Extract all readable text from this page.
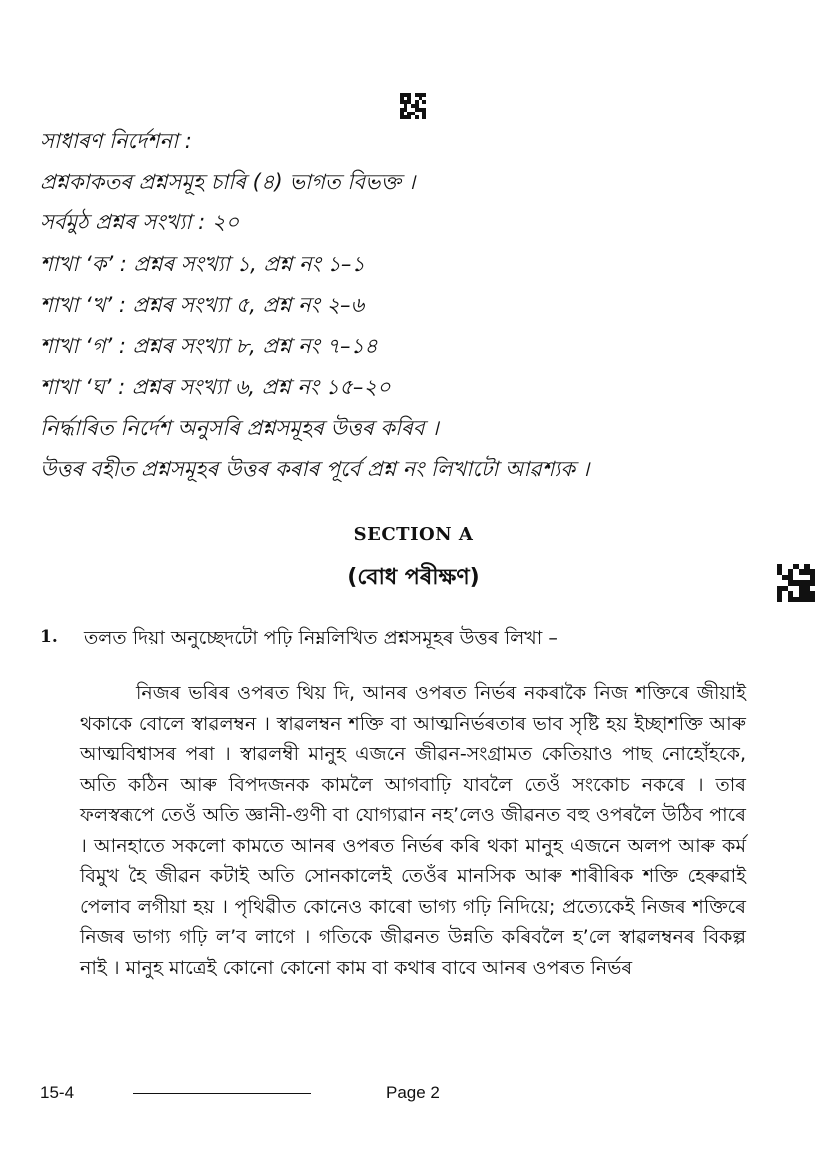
সাধাৰণ নিৰ্দেশনা :
প্ৰশ্নকাকতৰ প্ৰশ্নসমূহ চাৰি (৪) ভাগত বিভক্ত ।
সৰ্বমুঠ প্ৰশ্নৰ সংখ্যা : ২০
শাখা ‘ক’ : প্ৰশ্নৰ সংখ্যা ১, প্ৰশ্ন নং ১–১
শাখা ‘খ’ : প্ৰশ্নৰ সংখ্যা ৫, প্ৰশ্ন নং ২–৬
শাখা ‘গ’ : প্ৰশ্নৰ সংখ্যা ৮, প্ৰশ্ন নং ৭–১৪
শাখা ‘ঘ’ : প্ৰশ্নৰ সংখ্যা ৬, প্ৰশ্ন নং ১৫–২০
নিৰ্দ্ধাৰিত নিৰ্দেশ অনুসৰি প্ৰশ্নসমূহৰ উত্তৰ কৰিব ।
উত্তৰ বহীত প্ৰশ্নসমূহৰ উত্তৰ কৰাৰ পূৰ্বে প্ৰশ্ন নং লিখাটো আৱশ্যক ।
SECTION A
(বোধ পৰীক্ষণ)
1. তলত দিয়া অনুচ্ছেদটো পঢ়ি নিম্নলিখিত প্ৰশ্নসমূহৰ উত্তৰ লিখা –

নিজৰ ভৰিৰ ওপৰত থিয় দি, আনৰ ওপৰত নিৰ্ভৰ নকৰাকৈ নিজ শক্তিৰে জীয়াই থকাকে বোলে স্বাৱলম্বন । স্বাৱলম্বন শক্তি বা আত্মনিৰ্ভৰতাৰ ভাব সৃষ্টি হয় ইচ্ছাশক্তি আৰু আত্মবিশ্বাসৰ পৰা । স্বাৱলম্বী মানুহ এজনে জীৱন-সংগ্ৰামত কেতিয়াও পাছ নোহোঁহকে, অতি কঠিন আৰু বিপদজনক কামলৈ আগবাঢ়ি যাবলৈ তেওঁ সংকোচ নকৰে । তাৰ ফলস্বৰূপে তেওঁ অতি জ্ঞানী-গুণী বা যোগ্যৱান নহ’লেও জীৱনত বহু ওপৰলৈ উঠিব পাৰে । আনহাতে সকলো কামতে আনৰ ওপৰত নিৰ্ভৰ কৰি থকা মানুহ এজনে অলপ আৰু কৰ্ম বিমুখ হৈ জীৱন কটাই অতি সোনকালেই তেওঁৰ মানসিক আৰু শাৰীৰিক শক্তি হেৰুৱাই পেলাব লগীয়া হয় । পৃথিৱীত কোনেও কাৰো ভাগ্য গঢ়ি নিদিয়ে; প্ৰত্যেকেই নিজৰ শক্তিৰে নিজৰ ভাগ্য গঢ়ি ল’ব লাগে । গতিকে জীৱনত উন্নতি কৰিবলৈ হ’লে স্বাৱলম্বনৰ বিকল্প নাই । মানুহ মাত্ৰেই কোনো কোনো কাম বা কথাৰ বাবে আনৰ ওপৰত নিৰ্ভৰ

15-4	Page 2
